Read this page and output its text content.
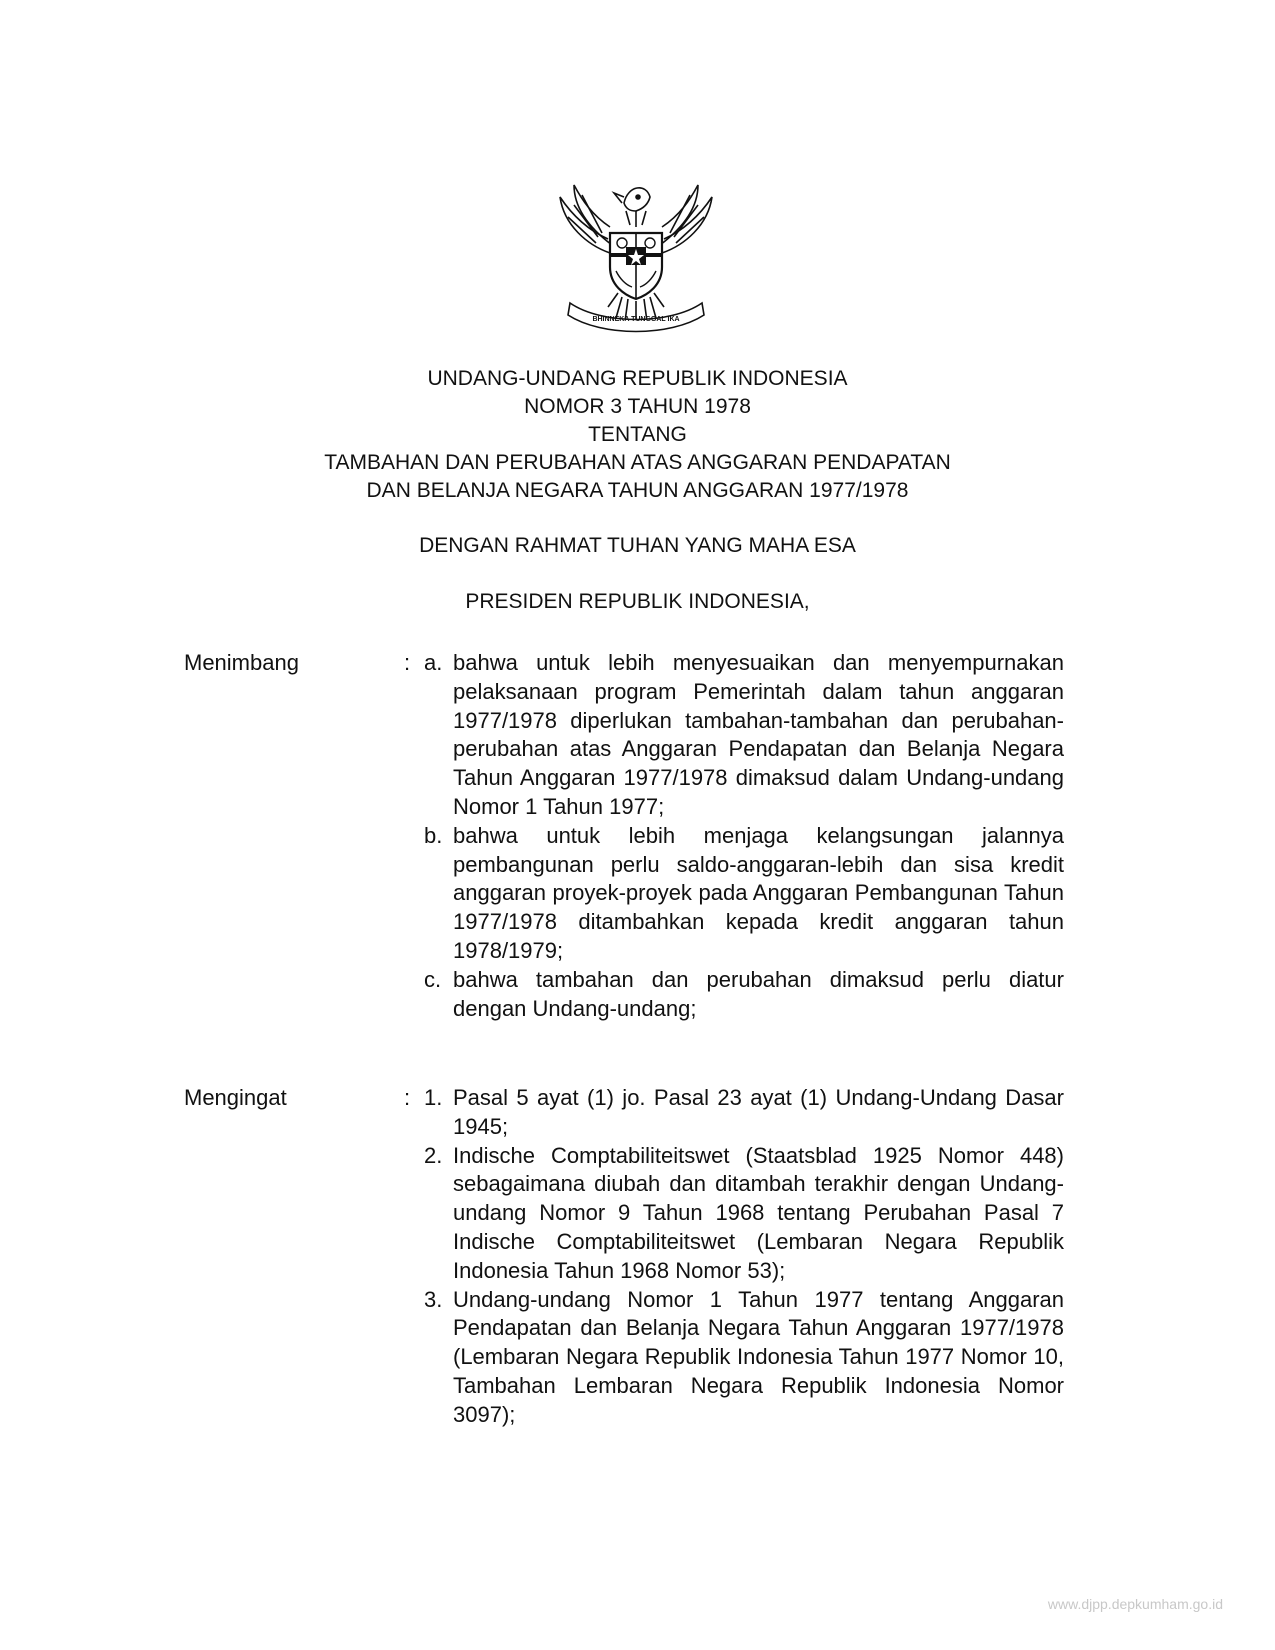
BHINNEKA TUNGGAL IKA
UNDANG-UNDANG REPUBLIK INDONESIA
NOMOR 3 TAHUN 1978
TENTANG
TAMBAHAN DAN PERUBAHAN ATAS ANGGARAN PENDAPATAN
DAN BELANJA NEGARA TAHUN ANGGARAN 1977/1978
DENGAN RAHMAT TUHAN YANG MAHA ESA
PRESIDEN REPUBLIK INDONESIA,
Menimbang	: a. bahwa untuk lebih menyesuaikan dan menyempurnakan pelaksanaan program Pemerintah dalam tahun anggaran 1977/1978 diperlukan tambahan-tambahan dan perubahan-perubahan atas Anggaran Pendapatan dan Belanja Negara Tahun Anggaran 1977/1978 dimaksud dalam Undang-undang Nomor 1 Tahun 1977;
b. bahwa untuk lebih menjaga kelangsungan jalannya pembangunan perlu saldo-anggaran-lebih dan sisa kredit anggaran proyek-proyek pada Anggaran Pembangunan Tahun 1977/1978 ditambahkan kepada kredit anggaran tahun 1978/1979;
c. bahwa tambahan dan perubahan dimaksud perlu diatur dengan Undang-undang;
Mengingat	: 1. Pasal 5 ayat (1) jo. Pasal 23 ayat (1) Undang-Undang Dasar 1945;
2. Indische Comptabiliteitswet (Staatsblad 1925 Nomor 448) sebagaimana diubah dan ditambah terakhir dengan Undang-undang Nomor 9 Tahun 1968 tentang Perubahan Pasal 7 Indische Comptabiliteitswet (Lembaran Negara Republik Indonesia Tahun 1968 Nomor 53);
3. Undang-undang Nomor 1 Tahun 1977 tentang Anggaran Pendapatan dan Belanja Negara Tahun Anggaran 1977/1978 (Lembaran Negara Republik Indonesia Tahun 1977 Nomor 10, Tambahan Lembaran Negara Republik Indonesia Nomor 3097);
www.djpp.depkumham.go.id
